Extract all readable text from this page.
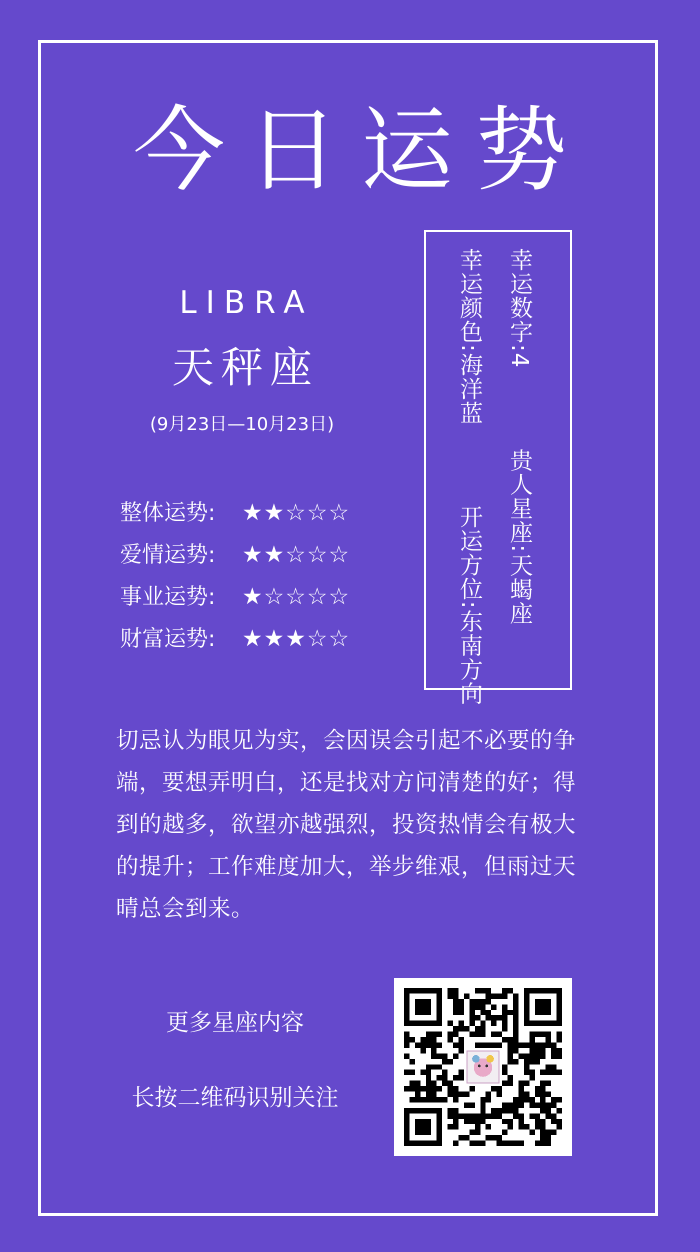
今日运势
LIBRA
天秤座
(9月23日—10月23日)
整体运势: ★★☆☆☆
爱情运势: ★★☆☆☆
事业运势: ★☆☆☆☆
财富运势: ★★★☆☆
幸运数字:4贵人星座:天蝎座
幸运颜色:海洋蓝开运方位:东南方向
切忌认为眼见为实，会因误会引起不必要的争端，要想弄明白，还是找对方问清楚的好；得到的越多，欲望亦越强烈，投资热情会有极大的提升；工作难度加大，举步维艰，但雨过天晴总会到来。
更多星座内容
长按二维码识别关注
